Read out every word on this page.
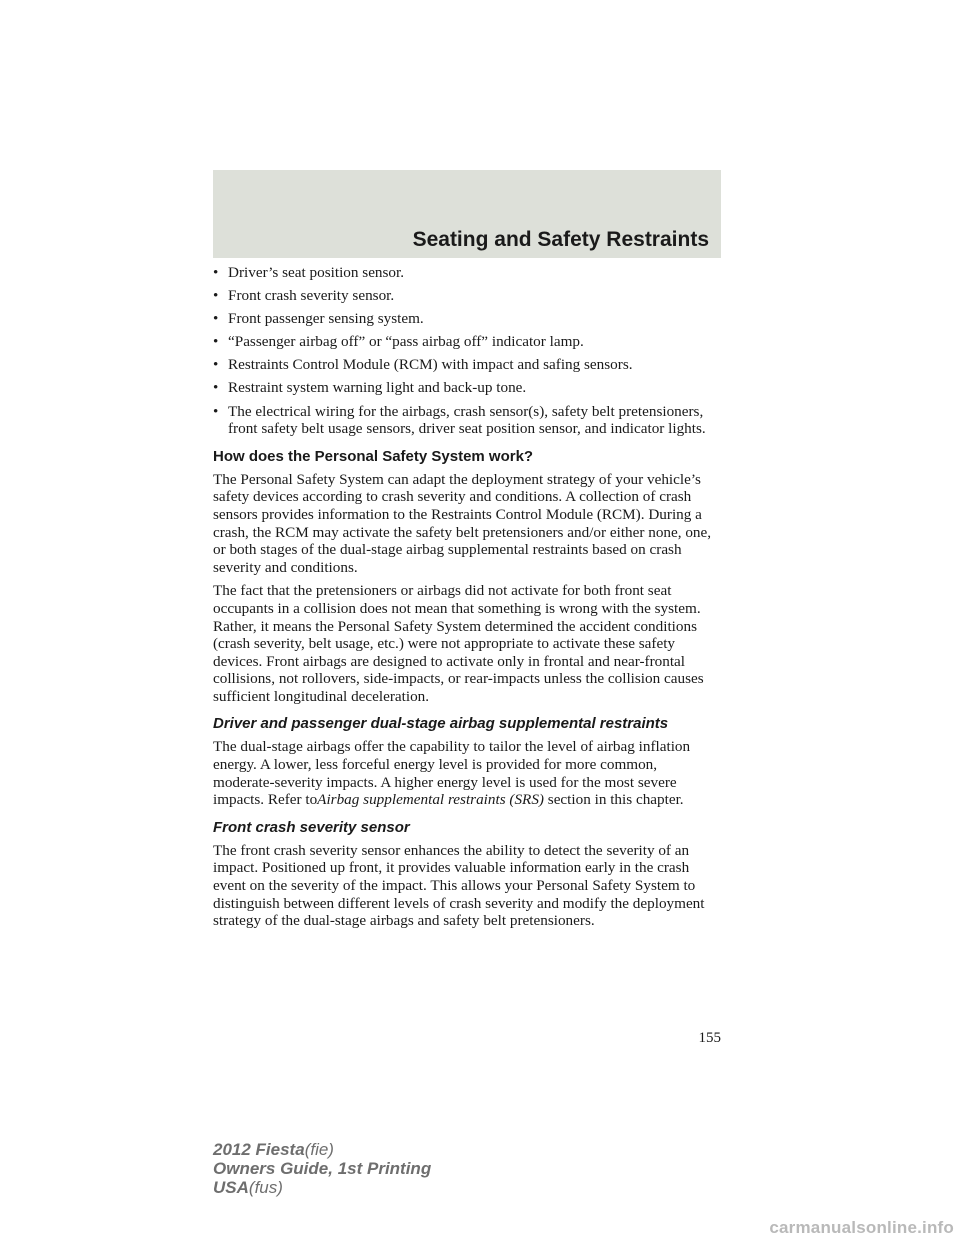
Seating and Safety Restraints
• Driver’s seat position sensor.
• Front crash severity sensor.
• Front passenger sensing system.
• “Passenger airbag off” or “pass airbag off” indicator lamp.
• Restraints Control Module (RCM) with impact and safing sensors.
• Restraint system warning light and back-up tone.
• The electrical wiring for the airbags, crash sensor(s), safety belt pretensioners, front safety belt usage sensors, driver seat position sensor, and indicator lights.
How does the Personal Safety System work?

The Personal Safety System can adapt the deployment strategy of your vehicle’s safety devices according to crash severity and conditions. A collection of crash sensors provides information to the Restraints Control Module (RCM). During a crash, the RCM may activate the safety belt pretensioners and/or either none, one, or both stages of the dual-stage airbag supplemental restraints based on crash severity and conditions.

The fact that the pretensioners or airbags did not activate for both front seat occupants in a collision does not mean that something is wrong with the system. Rather, it means the Personal Safety System determined the accident conditions (crash severity, belt usage, etc.) were not appropriate to activate these safety devices. Front airbags are designed to activate only in frontal and near-frontal collisions, not rollovers, side-impacts, or rear-impacts unless the collision causes sufficient longitudinal deceleration.

Driver and passenger dual-stage airbag supplemental restraints

The dual-stage airbags offer the capability to tailor the level of airbag inflation energy. A lower, less forceful energy level is provided for more common, moderate-severity impacts. A higher energy level is used for the most severe impacts. Refer toAirbag supplemental restraints (SRS) section in this chapter.

Front crash severity sensor

The front crash severity sensor enhances the ability to detect the severity of an impact. Positioned up front, it provides valuable information early in the crash event on the severity of the impact. This allows your Personal Safety System to distinguish between different levels of crash severity and modify the deployment strategy of the dual-stage airbags and safety belt pretensioners.

155
2012 Fiesta(fie)
Owners Guide, 1st Printing
USA(fus)
carmanualsonline.info
